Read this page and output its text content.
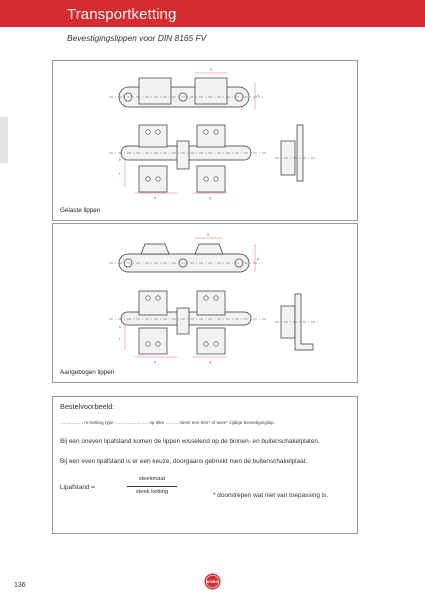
Transportketting
Bevestigingslippen voor DIN 8165 FV
S
h
b
f
d	g
Gelaste lippen
S
h
b
f
d	g
Aangebogen lippen
Bestelvoorbeeld:
.................. m Ketting type .......................... op elke .......... steek een één* of twee* zijdige bevestigingslip.
Bij een oneven lipafstand komen de lippen wisselend op de binnen- en buitenschakelplaten.
Bij een even lipafstand is er een keuze, doorgaans gebruikt men de buitenschakelplaat.
Lipafstand =
steekmaat
steek ketting	* doorstrepen wat niet van toepassing is.
136
KOBO
